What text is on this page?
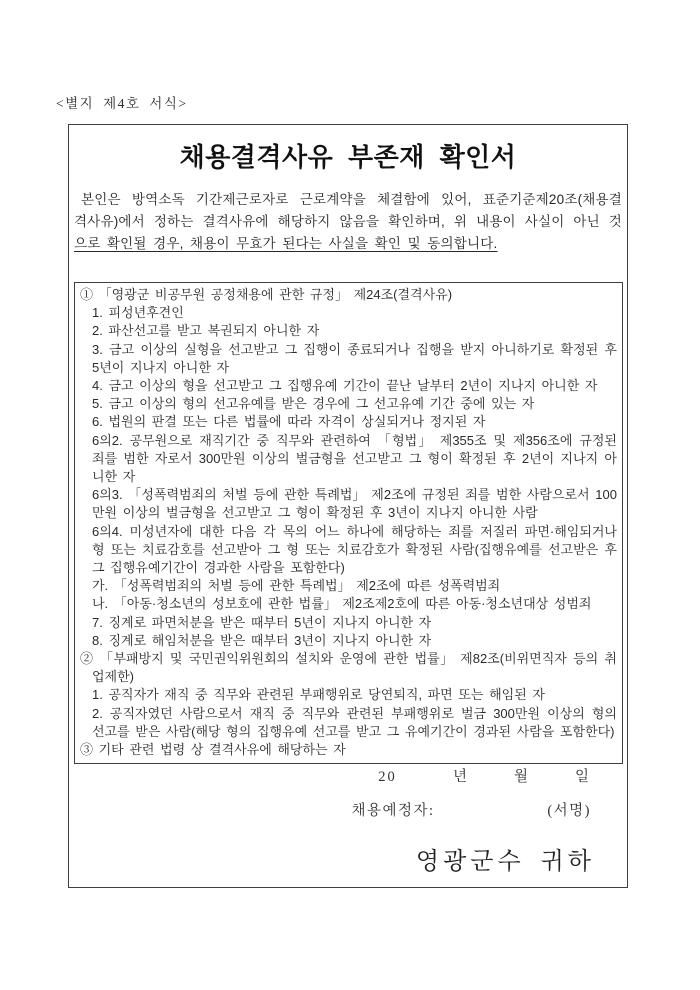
<별지 제4호 서식>
채용결격사유 부존재 확인서
본인은 방역소독 기간제근로자로 근로계약을 체결함에 있어, 표준기준제20조(채용결
격사유)에서 정하는 결격사유에 해당하지 않음을 확인하며, 위 내용이 사실이 아닌 것
으로 확인될 경우, 채용이 무효가 된다는 사실을 확인 및 동의합니다.
① 「영광군 비공무원 공정채용에 관한 규정」 제24조(결격사유)
1. 피성년후견인
2. 파산선고를 받고 복권되지 아니한 자
3. 금고 이상의 실형을 선고받고 그 집행이 종료되거나 집행을 받지 아니하기로 확정된 후 5년이 지나지 아니한 자
4. 금고 이상의 형을 선고받고 그 집행유예 기간이 끝난 날부터 2년이 지나지 아니한 자
5. 금고 이상의 형의 선고유예를 받은 경우에 그 선고유예 기간 중에 있는 자
6. 법원의 판결 또는 다른 법률에 따라 자격이 상실되거나 정지된 자
6의2. 공무원으로 재직기간 중 직무와 관련하여 「형법」 제355조 및 제356조에 규정된 죄를 범한 자로서 300만원 이상의 벌금형을 선고받고 그 형이 확정된 후 2년이 지나지 아니한 자
6의3. 「성폭력범죄의 처벌 등에 관한 특례법」 제2조에 규정된 죄를 범한 사람으로서 100만원 이상의 벌금형을 선고받고 그 형이 확정된 후 3년이 지나지 아니한 사람
6의4. 미성년자에 대한 다음 각 목의 어느 하나에 해당하는 죄를 저질러 파면·해임되거나 형 또는 치료감호를 선고받아 그 형 또는 치료감호가 확정된 사람(집행유예를 선고받은 후 그 집행유예기간이 경과한 사람을 포함한다)
가. 「성폭력범죄의 처벌 등에 관한 특례법」 제2조에 따른 성폭력범죄
나. 「아동·청소년의 성보호에 관한 법률」 제2조제2호에 따른 아동·청소년대상 성범죄
7. 징계로 파면처분을 받은 때부터 5년이 지나지 아니한 자
8. 징계로 해임처분을 받은 때부터 3년이 지나지 아니한 자
② 「부패방지 및 국민권익위원회의 설치와 운영에 관한 법률」 제82조(비위면직자 등의 취업제한)
1. 공직자가 재직 중 직무와 관련된 부패행위로 당연퇴직, 파면 또는 해임된 자
2. 공직자였던 사람으로서 재직 중 직무와 관련된 부패행위로 벌금 300만원 이상의 형의 선고를 받은 사람(해당 형의 집행유예 선고를 받고 그 유예기간이 경과된 사람을 포함한다)
③ 기타 관련 법령 상 결격사유에 해당하는 자
20          년        월        일
채용예정자:                      (서명)
영광군수 귀하
